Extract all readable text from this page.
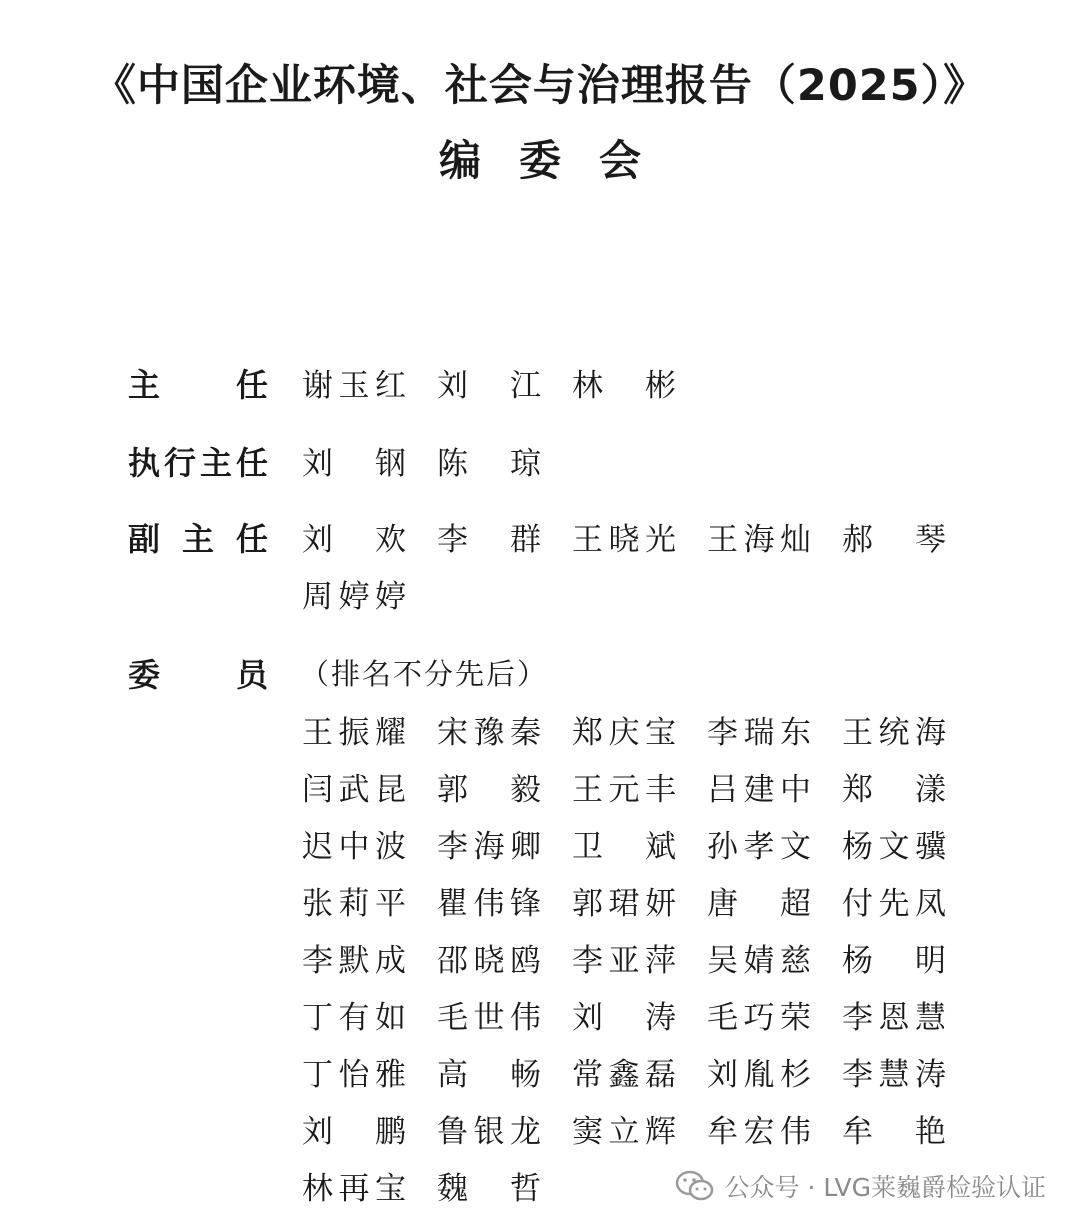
《中国企业环境、社会与治理报告（2025）》
编委会
主 任 谢 玉 红 刘 江 林 彬
执 行 主 任 刘 钢 陈 琼
副 主 任 刘 欢 李 群 王 晓 光 王 海 灿 郝 琴
周 婷 婷
委 员 （排名不分先后）
王 振 耀 宋 豫 秦 郑 庆 宝 李 瑞 东 王 统 海
闫 武 昆 郭 毅 王 元 丰 吕 建 中 郑 漾
迟 中 波 李 海 卿 卫 斌 孙 孝 文 杨 文 骥
张 莉 平 瞿 伟 锋 郭 珺 妍 唐 超 付 先 凤
李 默 成 邵 晓 鸥 李 亚 萍 吴 婧 慈 杨 明
丁 有 如 毛 世 伟 刘 涛 毛 巧 荣 李 恩 慧
丁 怡 雅 高 畅 常 鑫 磊 刘 胤 杉 李 慧 涛
刘 鹏 鲁 银 龙 窦 立 辉 牟 宏 伟 牟 艳
林 再 宝 魏 哲	公众号 · LVG莱巍爵检验认证
